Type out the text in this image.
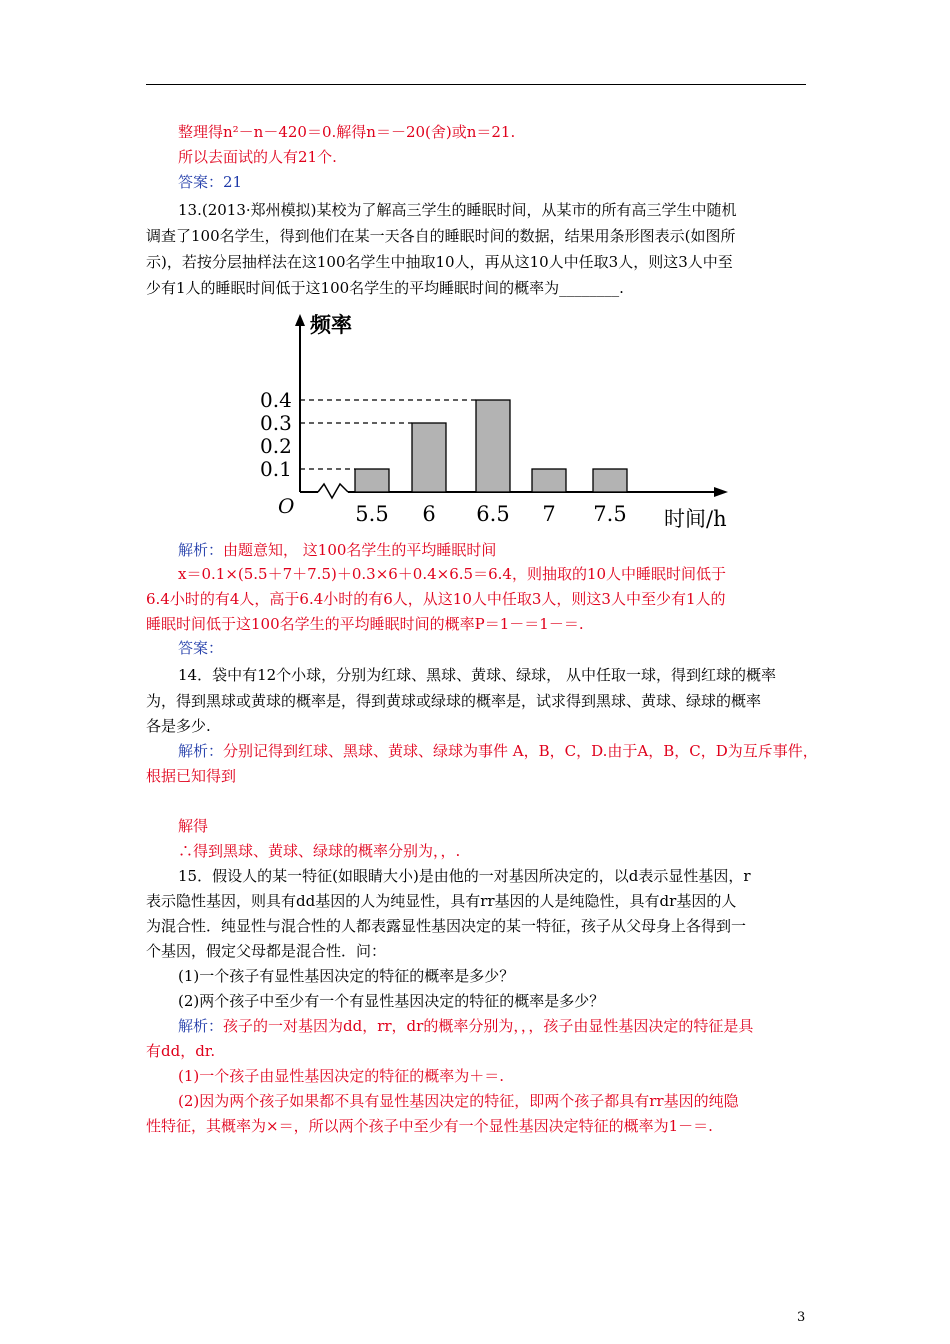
整理得n²－n－420＝0.解得n＝－20(舍)或n＝21.
所以去面试的人有21个.
答案：21
13.(2013·郑州模拟)某校为了解高三学生的睡眠时间，从某市的所有高三学生中随机
调查了100名学生，得到他们在某一天各自的睡眠时间的数据，结果用条形图表示(如图所
示)，若按分层抽样法在这100名学生中抽取10人，再从这10人中任取3人，则这3人中至
少有1人的睡眠时间低于这100名学生的平均睡眠时间的概率为________.
0.1
0.2
0.3
0.4
5.5 6 6.5 7 7.5
O
频率
时间/h
解析：由题意知， 这100名学生的平均睡眠时间
x＝0.1×(5.5＋7＋7.5)＋0.3×6＋0.4×6.5＝6.4，则抽取的10人中睡眠时间低于
6.4小时的有4人，高于6.4小时的有6人，从这10人中任取3人，则这3人中至少有1人的
睡眠时间低于这100名学生的平均睡眠时间的概率P＝1－＝1－＝.
答案：
14．袋中有12个小球，分别为红球、黑球、黄球、绿球， 从中任取一球，得到红球的概率
为，得到黑球或黄球的概率是，得到黄球或绿球的概率是，试求得到黑球、黄球、绿球的概率
各是多少.
解析：分别记得到红球、黑球、黄球、绿球为事件 A，B，C，D.由于A，B，C，D为互斥事件，
根据已知得到
解得
∴得到黑球、黄球、绿球的概率分别为，，.
15．假设人的某一特征(如眼睛大小)是由他的一对基因所决定的，以d表示显性基因，r
表示隐性基因，则具有dd基因的人为纯显性，具有rr基因的人是纯隐性，具有dr基因的人
为混合性．纯显性与混合性的人都表露显性基因决定的某一特征，孩子从父母身上各得到一
个基因，假定父母都是混合性．问：
(1)一个孩子有显性基因决定的特征的概率是多少？
(2)两个孩子中至少有一个有显性基因决定的特征的概率是多少？
解析：孩子的一对基因为dd，rr，dr的概率分别为，，，孩子由显性基因决定的特征是具
有dd，dr.
(1)一个孩子由显性基因决定的特征的概率为＋＝.
(2)因为两个孩子如果都不具有显性基因决定的特征，即两个孩子都具有rr基因的纯隐
性特征，其概率为×＝，所以两个孩子中至少有一个显性基因决定特征的概率为1－＝.
3
